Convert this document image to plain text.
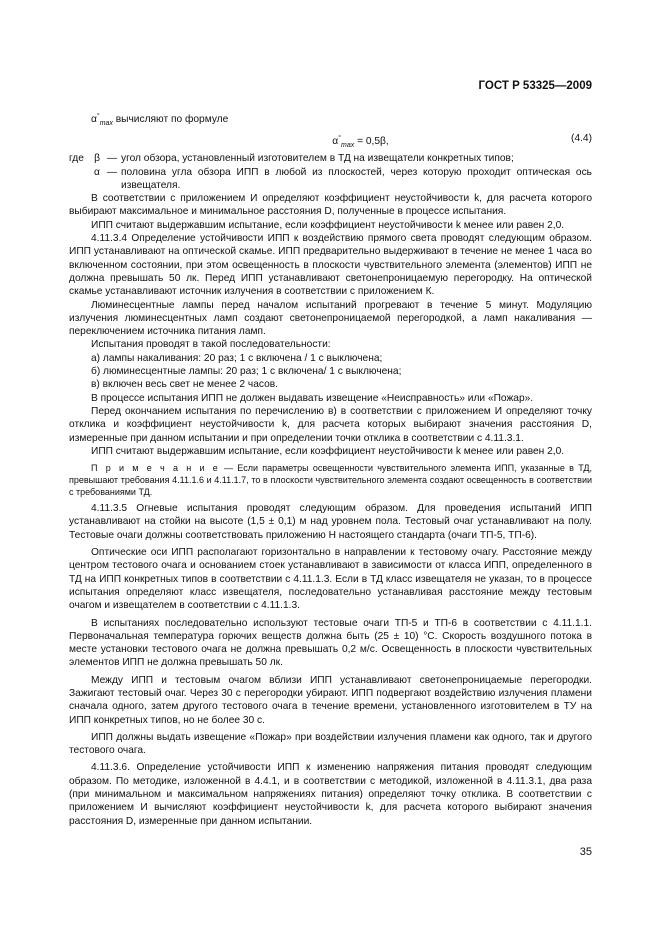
ГОСТ Р 53325—2009
$\alpha^\circ_{max}$ вычисляют по формуле
$\alpha^\circ_{max} = 0,5\beta$,	(4.4)
где β — угол обзора, установленный изготовителем в ТД на извещатели конкретных типов;
α — половина угла обзора ИПП в любой из плоскостей, через которую проходит оптическая ось извещателя.

В соответствии с приложением И определяют коэффициент неустойчивости k, для расчета которого выбирают максимальное и минимальное расстояния D, полученные в процессе испытания.

ИПП считают выдержавшим испытание, если коэффициент неустойчивости k менее или равен 2,0.

4.11.3.4 Определение устойчивости ИПП к воздействию прямого света проводят следующим образом. ИПП устанавливают на оптической скамье. ИПП предварительно выдерживают в течение не менее 1 часа во включенном состоянии, при этом освещенность в плоскости чувствительного элемента (элементов) ИПП не должна превышать 50 лк. Перед ИПП устанавливают светонепроницаемую перегородку. На оптической скамье устанавливают источник излучения в соответствии с приложением К.

Люминесцентные лампы перед началом испытаний прогревают в течение 5 минут. Модуляцию излучения люминесцентных ламп создают светонепроницаемой перегородкой, а ламп накаливания — переключением источника питания ламп.

Испытания проводят в такой последовательности:

а) лампы накаливания: 20 раз; 1 с включена / 1 с выключена;

б) люминесцентные лампы: 20 раз; 1 с включена/ 1 с выключена;

в) включен весь свет не менее 2 часов.

В процессе испытания ИПП не должен выдавать извещение «Неисправность» или «Пожар».

Перед окончанием испытания по перечислению в) в соответствии с приложением И определяют точку отклика и коэффициент неустойчивости k, для расчета которых выбирают значения расстояния D, измеренные при данном испытании и при определении точки отклика в соответствии с 4.11.3.1.

ИПП считают выдержавшим испытание, если коэффициент неустойчивости k менее или равен 2,0.

П р и м е ч а н и е — Если параметры освещенности чувствительного элемента ИПП, указанные в ТД, превышают требования 4.11.1.6 и 4.11.1.7, то в плоскости чувствительного элемента создают освещенность в соответствии с требованиями ТД.

4.11.3.5 Огневые испытания проводят следующим образом. Для проведения испытаний ИПП устанавливают на стойки на высоте (1,5 ± 0,1) м над уровнем пола. Тестовый очаг устанавливают на полу. Тестовые очаги должны соответствовать приложению Н настоящего стандарта (очаги ТП-5, ТП-6).

Оптические оси ИПП располагают горизонтально в направлении к тестовому очагу. Расстояние между центром тестового очага и основанием стоек устанавливают в зависимости от класса ИПП, определенного в ТД на ИПП конкретных типов в соответствии с 4.11.1.3. Если в ТД класс извещателя не указан, то в процессе испытания определяют класс извещателя, последовательно устанавливая расстояние между тестовым очагом и извещателем в соответствии с 4.11.1.3.

В испытаниях последовательно используют тестовые очаги ТП-5 и ТП-6 в соответствии с 4.11.1.1. Первоначальная температура горючих веществ должна быть (25 ± 10) °С. Скорость воздушного потока в месте установки тестового очага не должна превышать 0,2 м/с. Освещенность в плоскости чувствительных элементов ИПП не должна превышать 50 лк.

Между ИПП и тестовым очагом вблизи ИПП устанавливают светонепроницаемые перегородки. Зажигают тестовый очаг. Через 30 с перегородки убирают. ИПП подвергают воздействию излучения пламени сначала одного, затем другого тестового очага в течение времени, установленного изготовителем в ТУ на ИПП конкретных типов, но не более 30 с.

ИПП должны выдать извещение «Пожар» при воздействии излучения пламени как одного, так и другого тестового очага.

4.11.3.6. Определение устойчивости ИПП к изменению напряжения питания проводят следующим образом. По методике, изложенной в 4.4.1, и в соответствии с методикой, изложенной в 4.11.3.1, два раза (при минимальном и максимальном напряжениях питания) определяют точку отклика. В соответствии с приложением И вычисляют коэффициент неустойчивости k, для расчета которого выбирают значения расстояния D, измеренные при данном испытании.

35
